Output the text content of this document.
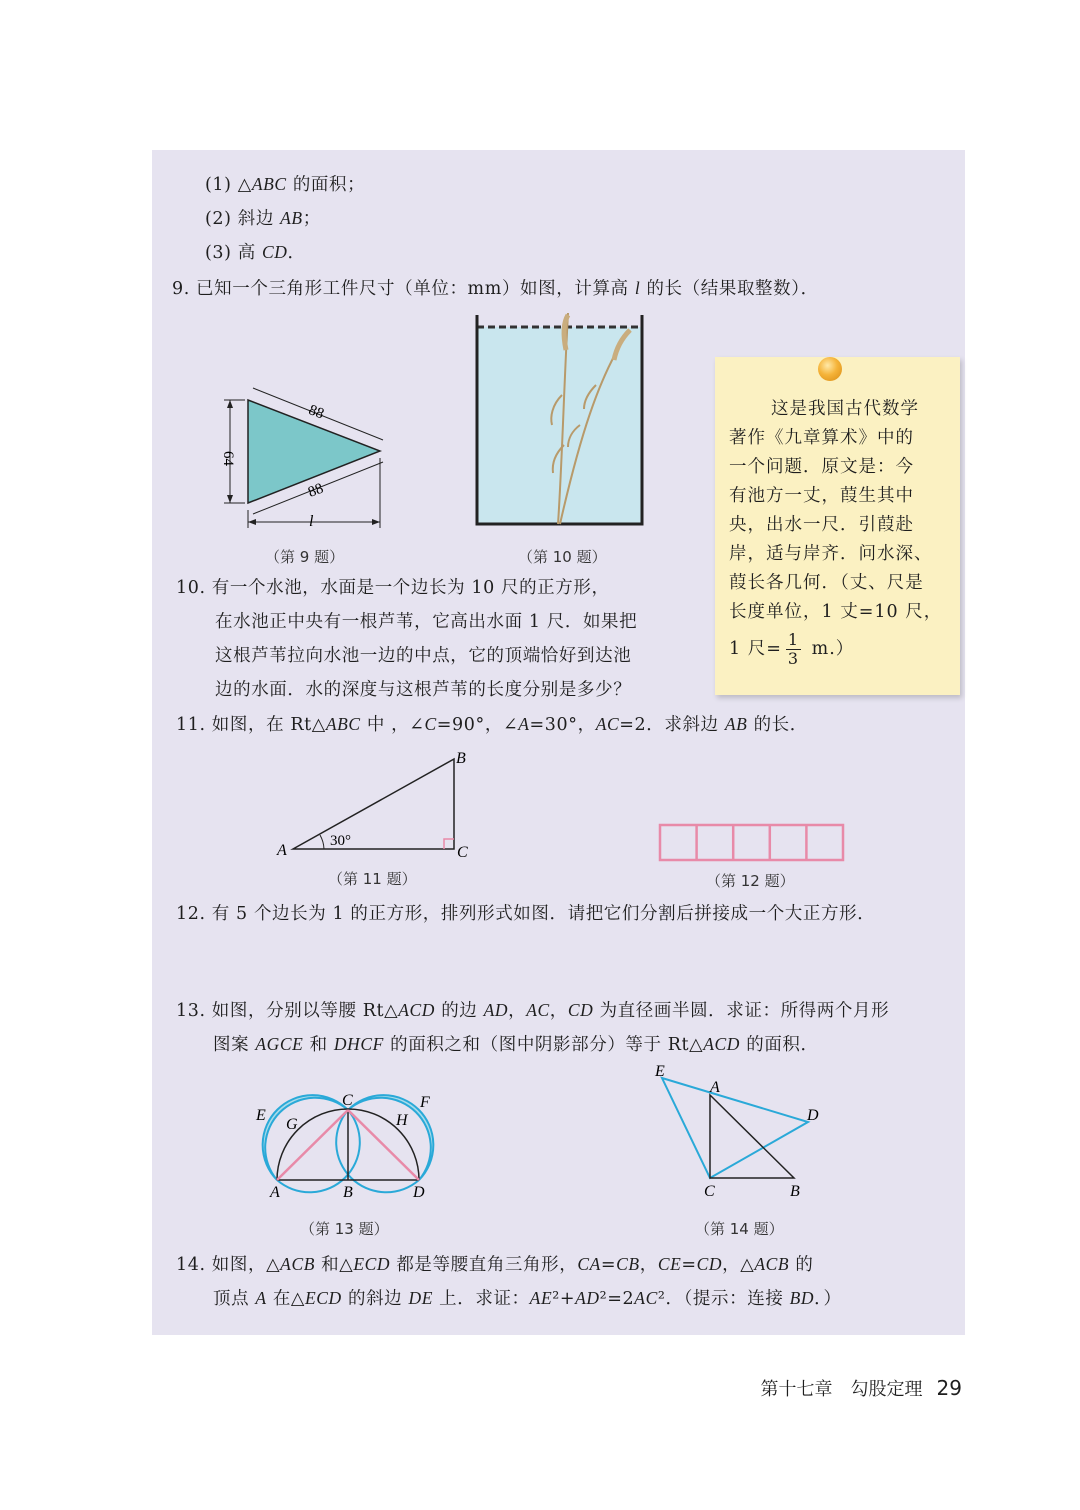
(1) △ABC 的面积；
(2) 斜边 AB；
(3) 高 CD．
9. 已知一个三角形工件尺寸（单位：mm）如图，计算高 l 的长（结果取整数）．
88
88
64
l
（第 9 题）	（第 10 题）
这是我国古代数学
著作《九章算术》中的
一个问题．原文是：今
有池方一丈，葭生其中
央，出水一尺．引葭赴
岸，适与岸齐．问水深、
葭长各几何．（丈、尺是
长度单位，1 丈=10 尺，
1 尺= $\frac{1}{3} m$.）
10. 有一个水池，水面是一个边长为 10 尺的正方形，
在水池正中央有一根芦苇，它高出水面 1 尺．如果把
这根芦苇拉向水池一边的中点，它的顶端恰好到达池
边的水面．水的深度与这根芦苇的长度分别是多少？
11. 如图，在 Rt△ABC 中 ，∠C=90°，∠A=30°，AC=2．求斜边 AB 的长．
A
B
C
30°
（第 11 题）	（第 12 题）
12. 有 5 个边长为 1 的正方形，排列形式如图．请把它们分割后拼接成一个大正方形．
13. 如图，分别以等腰 Rt△ACD 的边 AD，AC，CD 为直径画半圆．求证：所得两个月形
图案 AGCE 和 DHCF 的面积之和（图中阴影部分）等于 Rt△ACD 的面积．
E
G
C
H
F
A	B	D
（第 13 题）
E
A
D
C	B
（第 14 题）
14. 如图，△ACB 和△ECD 都是等腰直角三角形，CA=CB，CE=CD，△ACB 的
顶点 A 在△ECD 的斜边 DE 上．求证：AE²+AD²=2AC²．（提示：连接 BD．）
第十七章　勾股定理 29
